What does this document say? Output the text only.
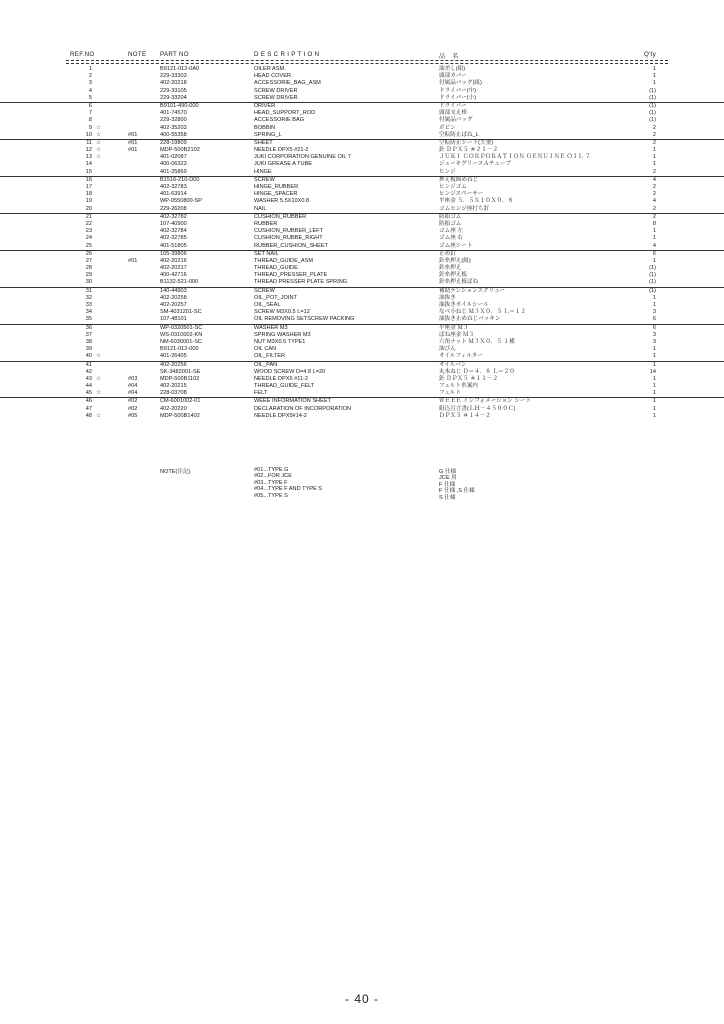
REF.NO	NOTE PART NO	D E S C R I P T I O N	品　名	Q'ty
1	B9121-012-0A0	OILER ASM.	油差し(組)	1
2	229-33303	HEAD COVER	頭部カバー	1
3	402-20218	ACCESSORIE_BAG_ASM	付属品バッグ(組)	1
4	229-33105	SCREW DRIVER	ドライバー(中)	(1)
5	229-33204	SCREW DRIVER	ドライバー(小)	(1)
6	B9101-490-000	DRIVER	ドライバー	(1)
7	401-74570	HEAD_SUPPORT_ROD	頭部支え棒	(1)
8	229-32800	ACCESSORIE BAG	付属品バッグ	(1)
9 ☆	402-35203	BOBBIN	ボビン	2
10 ☆	#01	400-55358	SPRING_L	空転防止ばね_L	2
11 ☆	#01	228-19809	SHEET	空転防止シート(大釜)	2
12 ☆	#01	MDP-500B2102	NEEDLE DPX5 #21-2	針 ＤＰＸ５ ＃２１－２	1
13 ☆	401-02087	JUKI CORPORATION GENUINE OIL 7	ＪＵＫＩ ＣＯＲＰＯＲＡＴＩＯＮ ＧＥＮＵＩＮＥ ＯＩＬ ７	1
14	400-06323	JUKI GREASE A TUBE	ジューキグリースＡチューブ	1
15	401-25869	HINGE	ヒンジ	2
16	B1516-210-D00	SCREW	押え板締めねじ	4
17	402-32783	HINGE_RUBBER	ヒンジゴム	2
18	401-63914	HINGE_SPACER	ヒンジスペーサー	2
19	WP-0550800-SP	WASHER 5.5X10X0.8	平座金 ５．５Ｘ１０Ｘ０．８	4
20	229-26208	NAIL	ゴムヒンジ座打ち釘	2
21	402-32782	CUSHION_RUBBER	防振ゴム	2
22	107-40900	RUBBER	防振ゴム	8
23	402-32784	CUSHION_RUBBER_LEFT	ゴム座 左	1
24	402-32785	CUSHION_RUBBE_RIGHT	ゴム座 右	1
25	401-51805	RUBBER_CUSHION_SHEET	ゴム座シート	4
26	105-39806	SET NAIL	止め釘	6
27	#01	402-20216	THREAD_GUIDE_ASM	針糸押え(組)	1
28	402-20217	THREAD_GUIDE	針糸押え	(1)
29	400-42716	THREAD_PRESSER_PLATE	針糸押え板	(1)
30	B1132-521-000	THREAD PRESSER PLATE SPRING	針糸押え板ばね	(1)
31	140-44903	SCREW	補助テンションスクリュー	(1)
32	402-20258	OIL_POT_JOINT	油抜き	1
33	402-20257	OIL_SEAL	油抜きオイルシール	1
34	SM-4031201-SC	SCREW M3X0.5 L=12	なべ小ねじ Ｍ３Ｘ０．５ Ｌ＝１２	3
35	107-48101	OIL REMOVING SETSCREW PACKING	油抜き止めねじパッキン	6
36	WP-0320501-SC	WASHER M3	平座金 Ｍ３	6
37	WS-0310002-KN	SPRING WASHER M3	ばね座金 Ｍ３	3
38	NM-6030001-SC	NUT M3X0.5 TYPE1	六角ナット Ｍ３Ｘ０．５ １種	3
39	B9121-012-000	OIL CAN	油びん	1
40 ☆	401-26405	OIL_FILTER	オイルフィルター	1
41	402-20256	OIL_PAN	オイルパン	1
42	SK-3482001-SE	WOOD SCREW D=4.8 L=20	丸木ねじ Ｄ＝４．８ Ｌ＝２０	14
43 ☆	#03	MDP-500B1102	NEEDLE DPX5 #11-2	針 ＤＰＸ５ ＃１１－２	1
44	#04	402-20215	THREAD_GUIDE_FELT	フェルト糸案内	1
45 ☆	#04	228-03708	FELT	フェルト	1
46	#02	CM-6001002-01	WEEE INFORMATION SHEET	ＷＥＥＥ インフォメーション シート	1
47	#02	402-20220	DECLARATION OF INCORPORATION	組込宣言書(ＬＨ－４５００Ｃ)	1
48 ☆	#05	MDP-500B1402	NEEDLE DPX5#14-2	ＤＰＸ５ ＃１４－２	1
NOTE(注記)	#01...TYPE G	G 仕様
#02...FOR JCE	JCE 用
#03...TYPE F	F 仕様
#04...TYPE F AND TYPE S	F 仕様 ,S 仕様
#05...TYPE S	S 仕様
- 40 -
